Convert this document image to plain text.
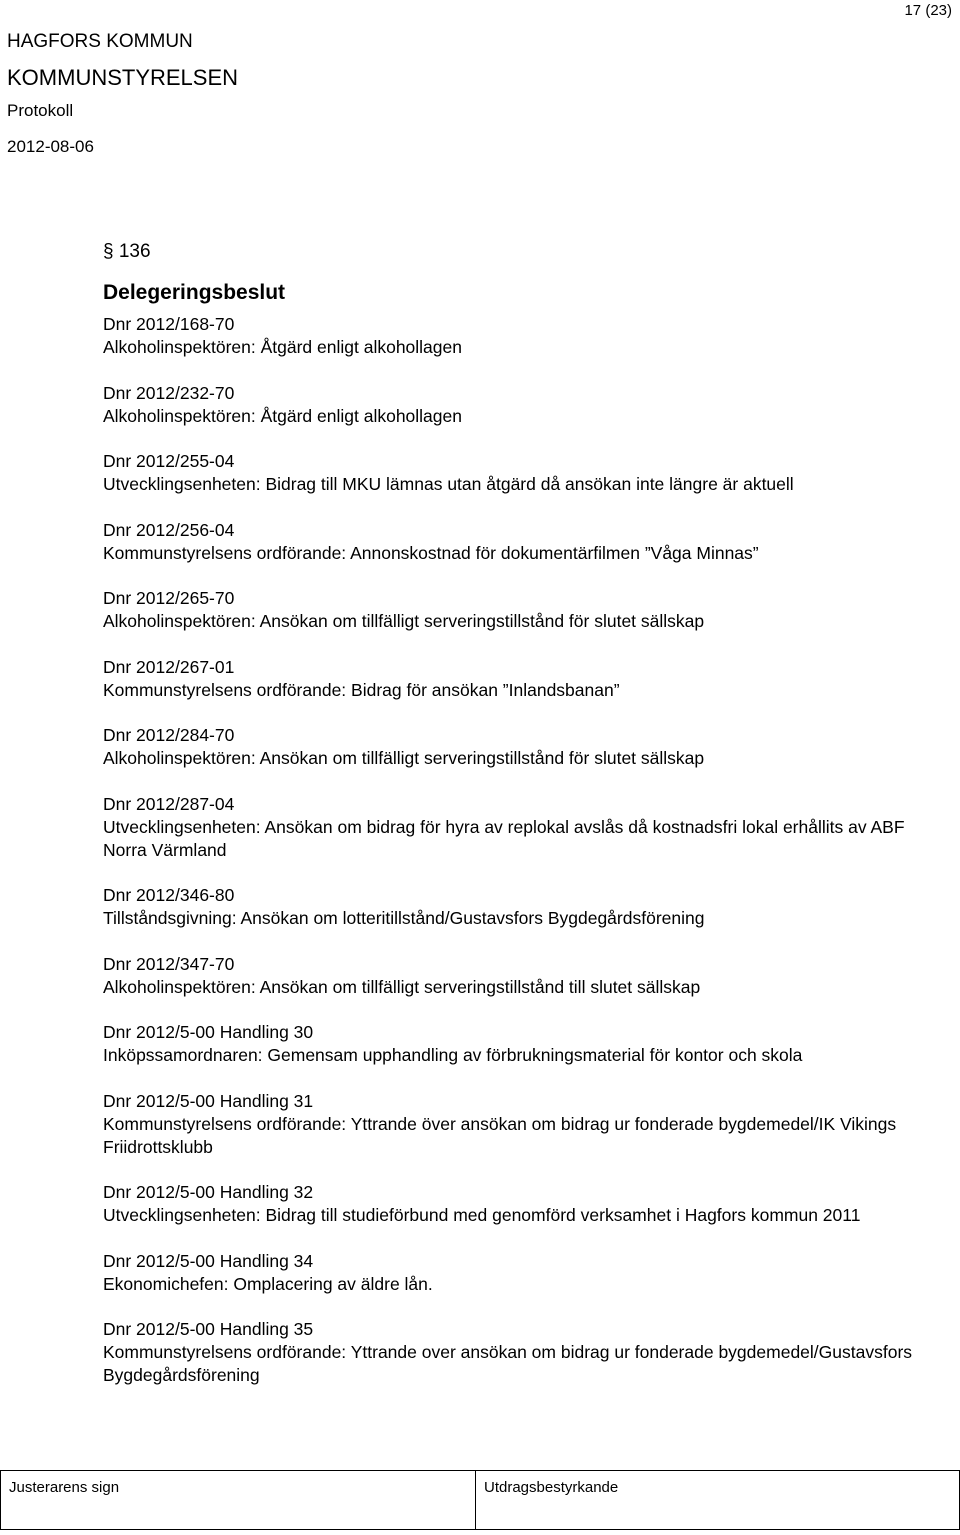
17 (23)
HAGFORS KOMMUN
KOMMUNSTYRELSEN
Protokoll
2012-08-06
§ 136
Delegeringsbeslut
Dnr 2012/168-70
Alkoholinspektören: Åtgärd enligt alkohollagen
Dnr 2012/232-70
Alkoholinspektören: Åtgärd enligt alkohollagen
Dnr 2012/255-04
Utvecklingsenheten: Bidrag till MKU lämnas utan åtgärd då ansökan inte längre är aktuell
Dnr 2012/256-04
Kommunstyrelsens ordförande: Annonskostnad för dokumentärfilmen ”Våga Minnas”
Dnr 2012/265-70
Alkoholinspektören: Ansökan om tillfälligt serveringstillstånd för slutet sällskap
Dnr 2012/267-01
Kommunstyrelsens ordförande: Bidrag för ansökan ”Inlandsbanan”
Dnr 2012/284-70
Alkoholinspektören: Ansökan om tillfälligt serveringstillstånd för slutet sällskap
Dnr 2012/287-04
Utvecklingsenheten: Ansökan om bidrag för hyra av replokal avslås då kostnadsfri lokal erhållits av ABF Norra Värmland
Dnr 2012/346-80
Tillståndsgivning: Ansökan om lotteritillstånd/Gustavsfors Bygdegårdsförening
Dnr 2012/347-70
Alkoholinspektören: Ansökan om tillfälligt serveringstillstånd till slutet sällskap
Dnr 2012/5-00 Handling 30
Inköpssamordnaren: Gemensam upphandling av förbrukningsmaterial för kontor och skola
Dnr 2012/5-00 Handling 31
Kommunstyrelsens ordförande: Yttrande över ansökan om bidrag ur fonderade bygdemedel/IK Vikings Friidrottsklubb
Dnr 2012/5-00 Handling 32
Utvecklingsenheten: Bidrag till studieförbund med genomförd verksamhet i Hagfors kommun 2011
Dnr 2012/5-00 Handling 34
Ekonomichefen: Omplacering av äldre lån.
Dnr 2012/5-00 Handling 35
Kommunstyrelsens ordförande: Yttrande over ansökan om bidrag ur fonderade bygdemedel/Gustavsfors Bygdegårdsförening
Justerarens sign	Utdragsbestyrkande
